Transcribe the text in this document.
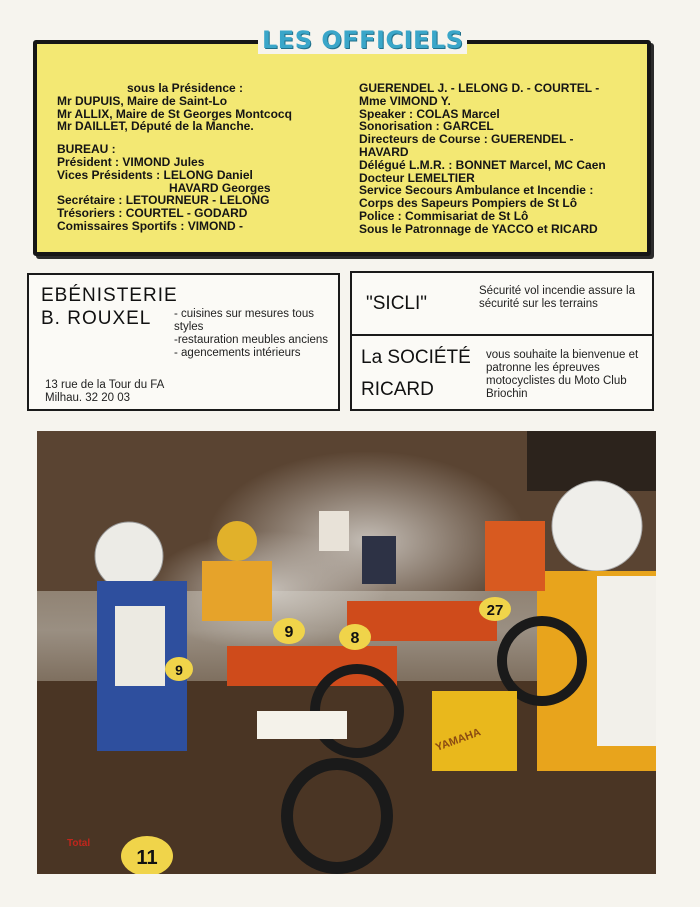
LES OFFICIELS
sous la Présidence :
Mr DUPUIS, Maire de Saint-Lo
Mr ALLIX, Maire de St Georges Montcocq
Mr DAILLET, Député de la Manche.
BUREAU :
Président : VIMOND Jules
Vices Présidents : LELONG Daniel
HAVARD Georges
Secrétaire : LETOURNEUR - LELONG
Trésoriers : COURTEL - GODARD
Comissaires Sportifs : VIMOND -
GUERENDEL J. - LELONG D. - COURTEL -
Mme VIMOND Y.
Speaker : COLAS Marcel
Sonorisation : GARCEL
Directeurs de Course : GUERENDEL -
HAVARD
Délégué L.M.R. : BONNET Marcel, MC Caen
Docteur LEMELTIER
Service Secours Ambulance et Incendie :
Corps des Sapeurs Pompiers de St Lô
Police : Commisariat de St Lô
Sous le Patronnage de YACCO et RICARD
EBÉNISTERIE
B. ROUXEL	- cuisines sur mesures tous styles
-restauration meubles anciens
- agencements intérieurs
13 rue de la Tour du FA
Milhau. 32 20 03
"SICLI"
Sécurité vol incendie assure la sécurité sur les terrains
La SOCIÉTÉ
RICARD
vous souhaite la bienvenue et patronne les épreuves motocyclistes du Moto Club Briochin
9	8
27
11
9
YAMAHA
Total
